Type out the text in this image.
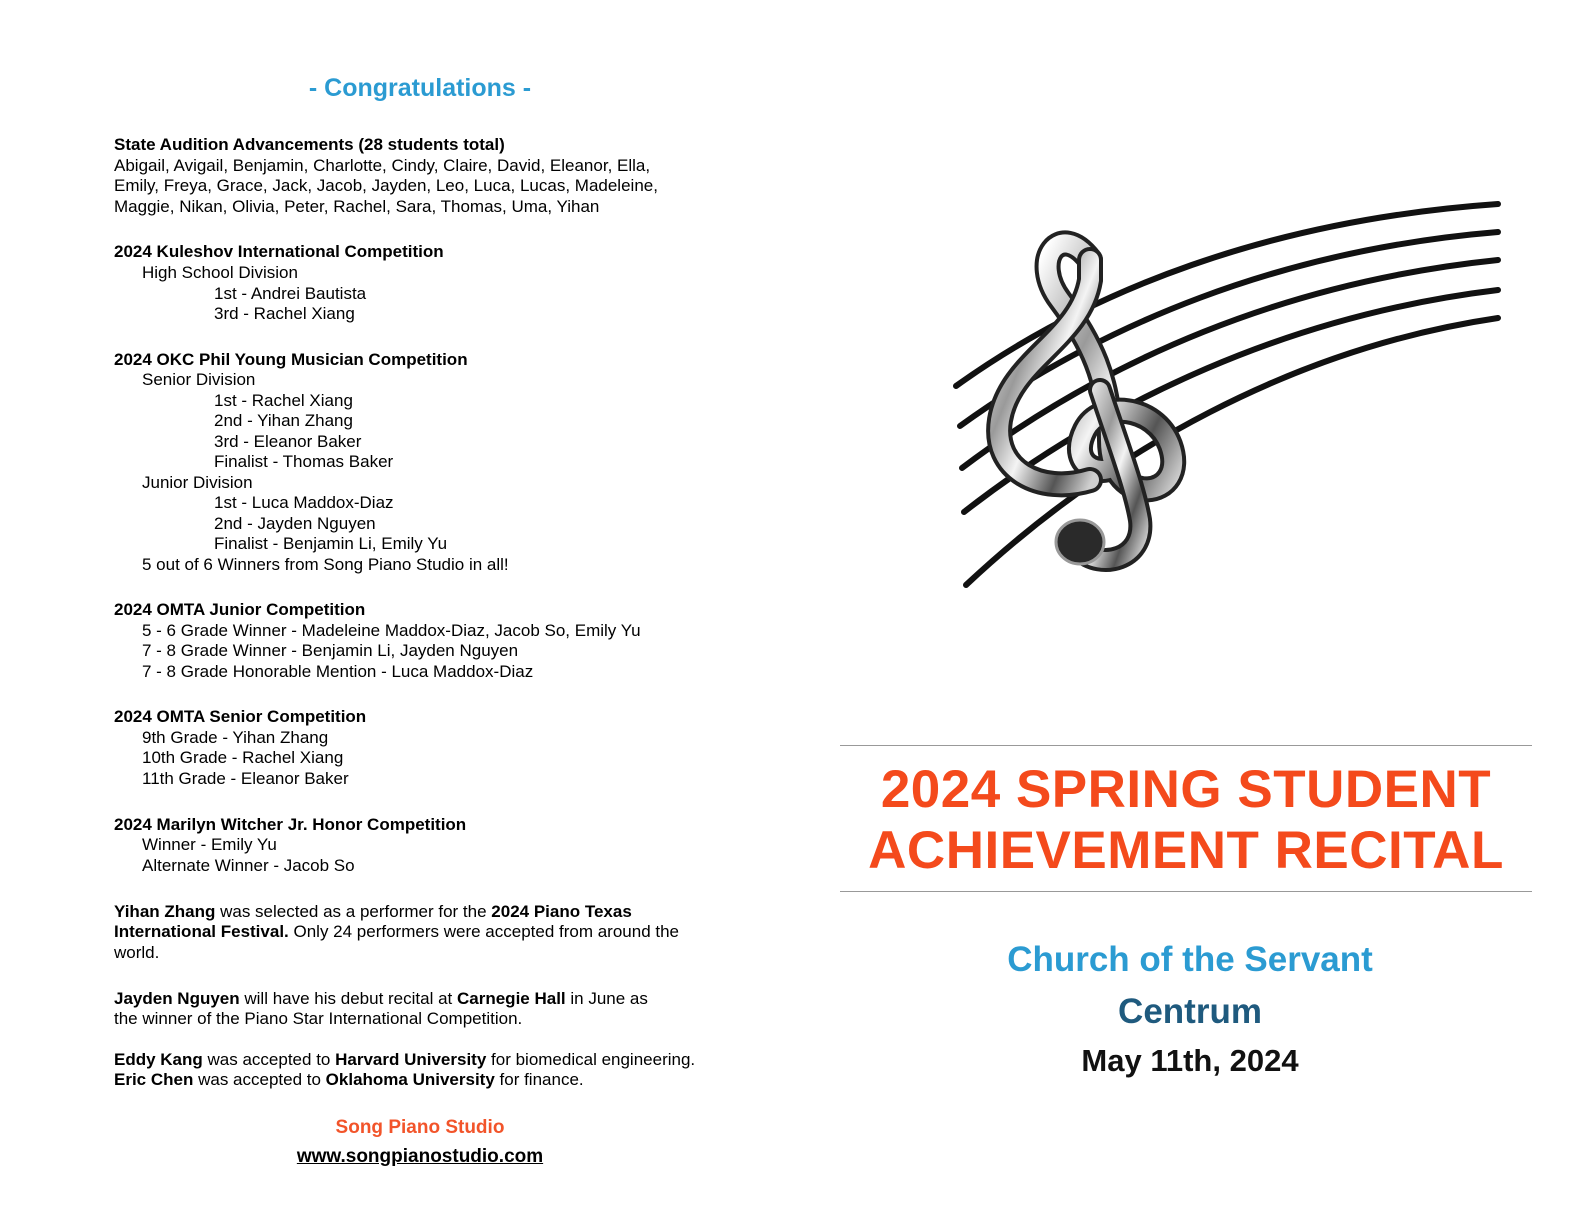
- Congratulations -
State Audition Advancements (28 students total)
Abigail, Avigail, Benjamin, Charlotte, Cindy, Claire, David, Eleanor, Ella,
Emily, Freya, Grace, Jack, Jacob, Jayden, Leo, Luca, Lucas, Madeleine,
Maggie, Nikan, Olivia, Peter, Rachel, Sara, Thomas, Uma, Yihan
2024 Kuleshov International Competition
High School Division
1st - Andrei Bautista
3rd - Rachel Xiang
2024 OKC Phil Young Musician Competition
Senior Division
1st - Rachel Xiang
2nd - Yihan Zhang
3rd - Eleanor Baker
Finalist - Thomas Baker
Junior Division
1st - Luca Maddox-Diaz
2nd - Jayden Nguyen
Finalist - Benjamin Li, Emily Yu
5 out of 6 Winners from Song Piano Studio in all!
2024 OMTA Junior Competition
5 - 6 Grade Winner - Madeleine Maddox-Diaz, Jacob So, Emily Yu
7 - 8 Grade Winner - Benjamin Li, Jayden Nguyen
7 - 8 Grade Honorable Mention - Luca Maddox-Diaz
2024 OMTA Senior Competition
9th Grade - Yihan Zhang
10th Grade - Rachel Xiang
11th Grade - Eleanor Baker
2024 Marilyn Witcher Jr. Honor Competition
Winner - Emily Yu
Alternate Winner - Jacob So
Yihan Zhang was selected as a performer for the 2024 Piano Texas
International Festival. Only 24 performers were accepted from around the
world.
Jayden Nguyen will have his debut recital at Carnegie Hall in June as
the winner of the Piano Star International Competition.
Eddy Kang was accepted to Harvard University for biomedical engineering.
Eric Chen was accepted to Oklahoma University for finance.
Song Piano Studio
www.songpianostudio.com
2024 SPRING STUDENT
ACHIEVEMENT RECITAL
Church of the Servant
Centrum
May 11th, 2024
